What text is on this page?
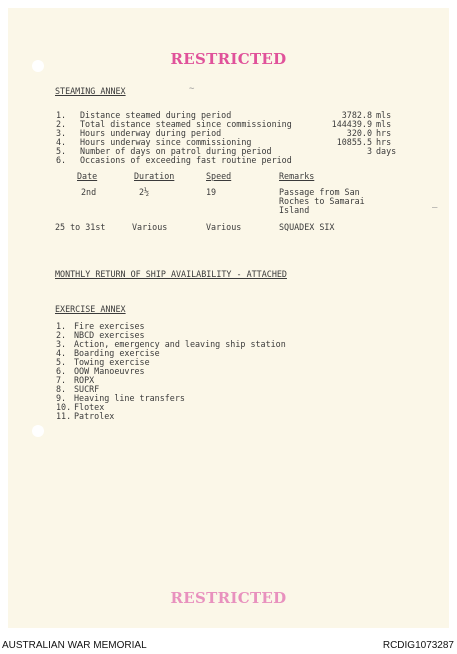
∼
–
RESTRICTED
STEAMING ANNEX
1. Distance steamed during period	3782.8 mls
2. Total distance steamed since commissioning	144439.9 mls
3. Hours underway during period	320.0 hrs
4. Hours underway since commissioning	10855.5 hrs
5. Number of days on patrol during period	3 days
6. Occasions of exceeding fast routine period
Date	Duration	Speed	Remarks
2nd	2½	19	Passage from San
Roches to Samarai
Island
25 to 31st	Various	Various	SQUADEX SIX
MONTHLY RETURN OF SHIP AVAILABILITY - ATTACHED
EXERCISE ANNEX
1. Fire exercises
2. NBCD exercises
3. Action, emergency and leaving ship station
4. Boarding exercise
5. Towing exercise
6. OOW Manoeuvres
7. ROPX
8. SUCRF
9. Heaving line transfers
10. Flotex
11. Patrolex
RESTRICTED
AUSTRALIAN WAR MEMORIAL	RCDIG1073287
